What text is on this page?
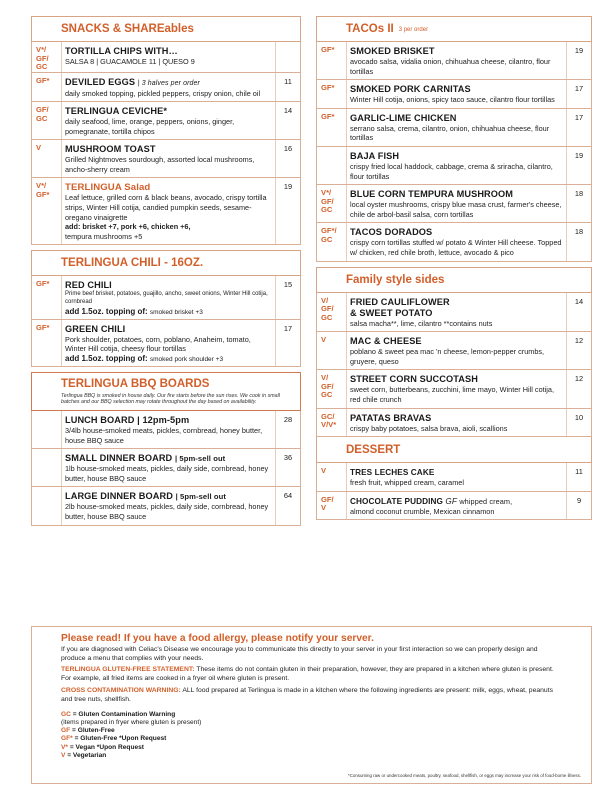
SNACKS & SHAREables
V*/
GF/
GC
TORTILLA CHIPS WITH…
SALSA 8 | GUACAMOLE 11 | QUESO 9
GF*	DEVILED EGGS | 3 halves per order
daily smoked topping, pickled peppers, crispy onion, chile oil
11
GF/
GC
TERLINGUA CEVICHE*
daily seafood, lime, orange, peppers, onions, ginger, pomegranate, tortilla chipos
14
V	MUSHROOM TOAST
Grilled Nightmoves sourdough, assorted local mushrooms, ancho-sherry cream
16
V*/
GF*
TERLINGUA Salad
Leaf lettuce, grilled corn & black beans, avocado, crispy tortilla strips, Winter Hill cotija, candied pumpkin seeds, sesame-oregano vinaigrette
add: brisket +7, pork +6, chicken +6,
tempura mushrooms +5
19
TERLINGUA CHILI - 16OZ.
GF*	RED CHILI
Prime beef brisket, potatoes, guajillo, ancho, sweet onions, Winter Hill cotija, cornbread
add 1.5oz. topping of: smoked brisket +3
15
GF*	GREEN CHILI
Pork shoulder, potatoes, corn, poblano, Anaheim, tomato, Winter Hill cotija, cheesy flour tortillas
add 1.5oz. topping of: smoked pork shoulder +3
17
TERLINGUA BBQ BOARDS
Terlingua BBQ is smoked in house daily. Our fire starts before the sun rises. We cook in small batches and our BBQ selection may rotate throughout the day based on availability.
LUNCH BOARD | 12pm-5pm
3/4lb house-smoked meats, pickles, cornbread, honey butter, house BBQ sauce
28
SMALL DINNER BOARD | 5pm-sell out
1lb house-smoked meats, pickles, daily side, cornbread, honey butter, house BBQ sauce
36
LARGE DINNER BOARD | 5pm-sell out
2lb house-smoked meats, pickles, daily side, cornbread, honey butter, house BBQ sauce
64
TACOs II 3 per order
GF*	SMOKED BRISKET
avocado salsa, vidalia onion, chihuahua cheese, cilantro, flour tortillas
19
GF*	SMOKED PORK CARNITAS
Winter Hill cotija, onions, spicy taco sauce, cilantro flour tortillas
17
GF*	GARLIC-LIME CHICKEN
serrano salsa, crema, cilantro, onion, chihuahua cheese, flour tortillas
17
BAJA FISH
crispy fried local haddock, cabbage, crema & sriracha, cilantro, flour tortillas
19
V*/
GF/
GC
BLUE CORN TEMPURA MUSHROOM
local oyster mushrooms, crispy blue masa crust, farmer's cheese, chile de arbol-basil salsa, corn tortillas
18
GF*/
GC
TACOS DORADOS
crispy corn tortillas stuffed w/ potato & Winter Hill cheese. Topped w/ chicken, red chile broth, lettuce, avocado & pico
18
Family style sides
V/
GF/
GC
FRIED CAULIFLOWER
& SWEET POTATO
salsa macha**, lime, cilantro **contains nuts
14
V	MAC & CHEESE
poblano & sweet pea mac 'n cheese, lemon-pepper crumbs, gruyere, queso
12
V/
GF/
GC
STREET CORN SUCCOTASH
sweet corn, butterbeans, zucchini, lime mayo, Winter Hill cotija, red chile crunch
12
GC/
V/V*
PATATAS BRAVAS
crispy baby potatoes, salsa brava, aioli, scallions
10
DESSERT
V	TRES LECHES CAKE
fresh fruit, whipped cream, caramel
11
GF/
V
CHOCOLATE PUDDING GF whipped cream,
almond coconut crumble, Mexican cinnamon
9
Please read! If you have a food allergy, please notify your server.
If you are diagnosed with Celiac's Disease we encourage you to communicate this directly to your server in your first interaction so we can properly design and produce a menu that complies with your needs.
TERLINGUA GLUTEN-FREE STATEMENT: These items do not contain gluten in their preparation, however, they are prepared in a kitchen where gluten is present. For example, all fried items are cooked in a fryer oil where gluten is present.
CROSS CONTAMINATION WARNING: ALL food prepared at Terlingua is made in a kitchen where the following ingredients are present: milk, eggs, wheat, peanuts and tree nuts, shellfish.
GC = Gluten Contamination Warning
(items prepared in fryer where gluten is present)
GF = Gluten-Free
GF* = Gluten-Free *Upon Request
V* = Vegan *Upon Request
V = Vegetarian
*Consuming raw or undercooked meats, poultry, seafood, shellfish, or eggs may increase your risk of food-borne illness.
